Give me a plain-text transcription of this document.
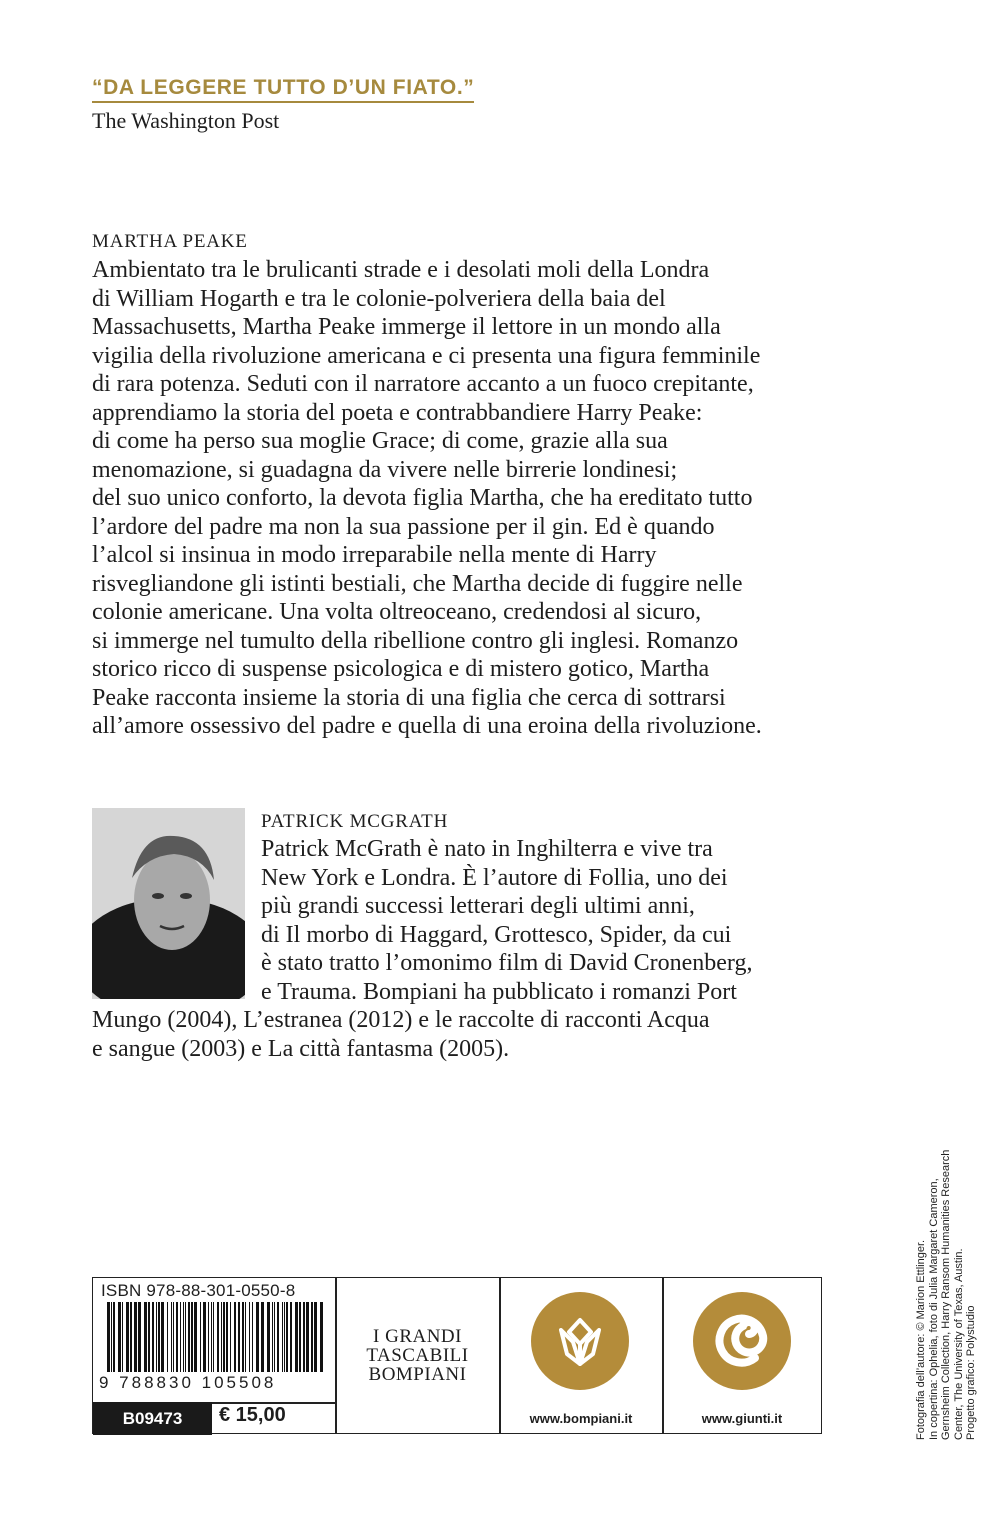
“DA LEGGERE TUTTO D’UN FIATO.”
The Washington Post
MARTHA PEAKE

Ambientato tra le brulicanti strade e i desolati moli della Londra
di William Hogarth e tra le colonie-polveriera della baia del
Massachusetts, Martha Peake immerge il lettore in un mondo alla
vigilia della rivoluzione americana e ci presenta una figura femminile
di rara potenza. Seduti con il narratore accanto a un fuoco crepitante,
apprendiamo la storia del poeta e contrabbandiere Harry Peake:
di come ha perso sua moglie Grace; di come, grazie alla sua
menomazione, si guadagna da vivere nelle birrerie londinesi;
del suo unico conforto, la devota figlia Martha, che ha ereditato tutto
l’ardore del padre ma non la sua passione per il gin. Ed è quando
l’alcol si insinua in modo irreparabile nella mente di Harry
risvegliandone gli istinti bestiali, che Martha decide di fuggire nelle
colonie americane. Una volta oltreoceano, credendosi al sicuro,
si immerge nel tumulto della ribellione contro gli inglesi. Romanzo
storico ricco di suspense psicologica e di mistero gotico, Martha
Peake racconta insieme la storia di una figlia che cerca di sottrarsi
all’amore ossessivo del padre e quella di una eroina della rivoluzione.

PATRICK MCGRATH

Patrick McGrath è nato in Inghilterra e vive tra
New York e Londra. È l’autore di Follia, uno dei
più grandi successi letterari degli ultimi anni,
di Il morbo di Haggard, Grottesco, Spider, da cui
è stato tratto l’omonimo film di David Cronenberg,
e Trauma. Bompiani ha pubblicato i romanzi Port

Mungo (2004), L’estranea (2012) e le raccolte di racconti Acqua
e sangue (2003) e La città fantasma (2005).

Fotografia dell’autore: © Marion Ettlinger. In copertina: Ophelia, foto di Julia Margaret Cameron, Gernsheim Collection, Harry Ransom Humanities Research Center, The University of Texas, Austin. Progetto grafico: Polystudio
ISBN 978-88-301-0550-8
9 788830 105508
B09473	€ 15,00
I GRANDI
TASCABILI
BOMPIANI
www.bompiani.it	www.giunti.it
